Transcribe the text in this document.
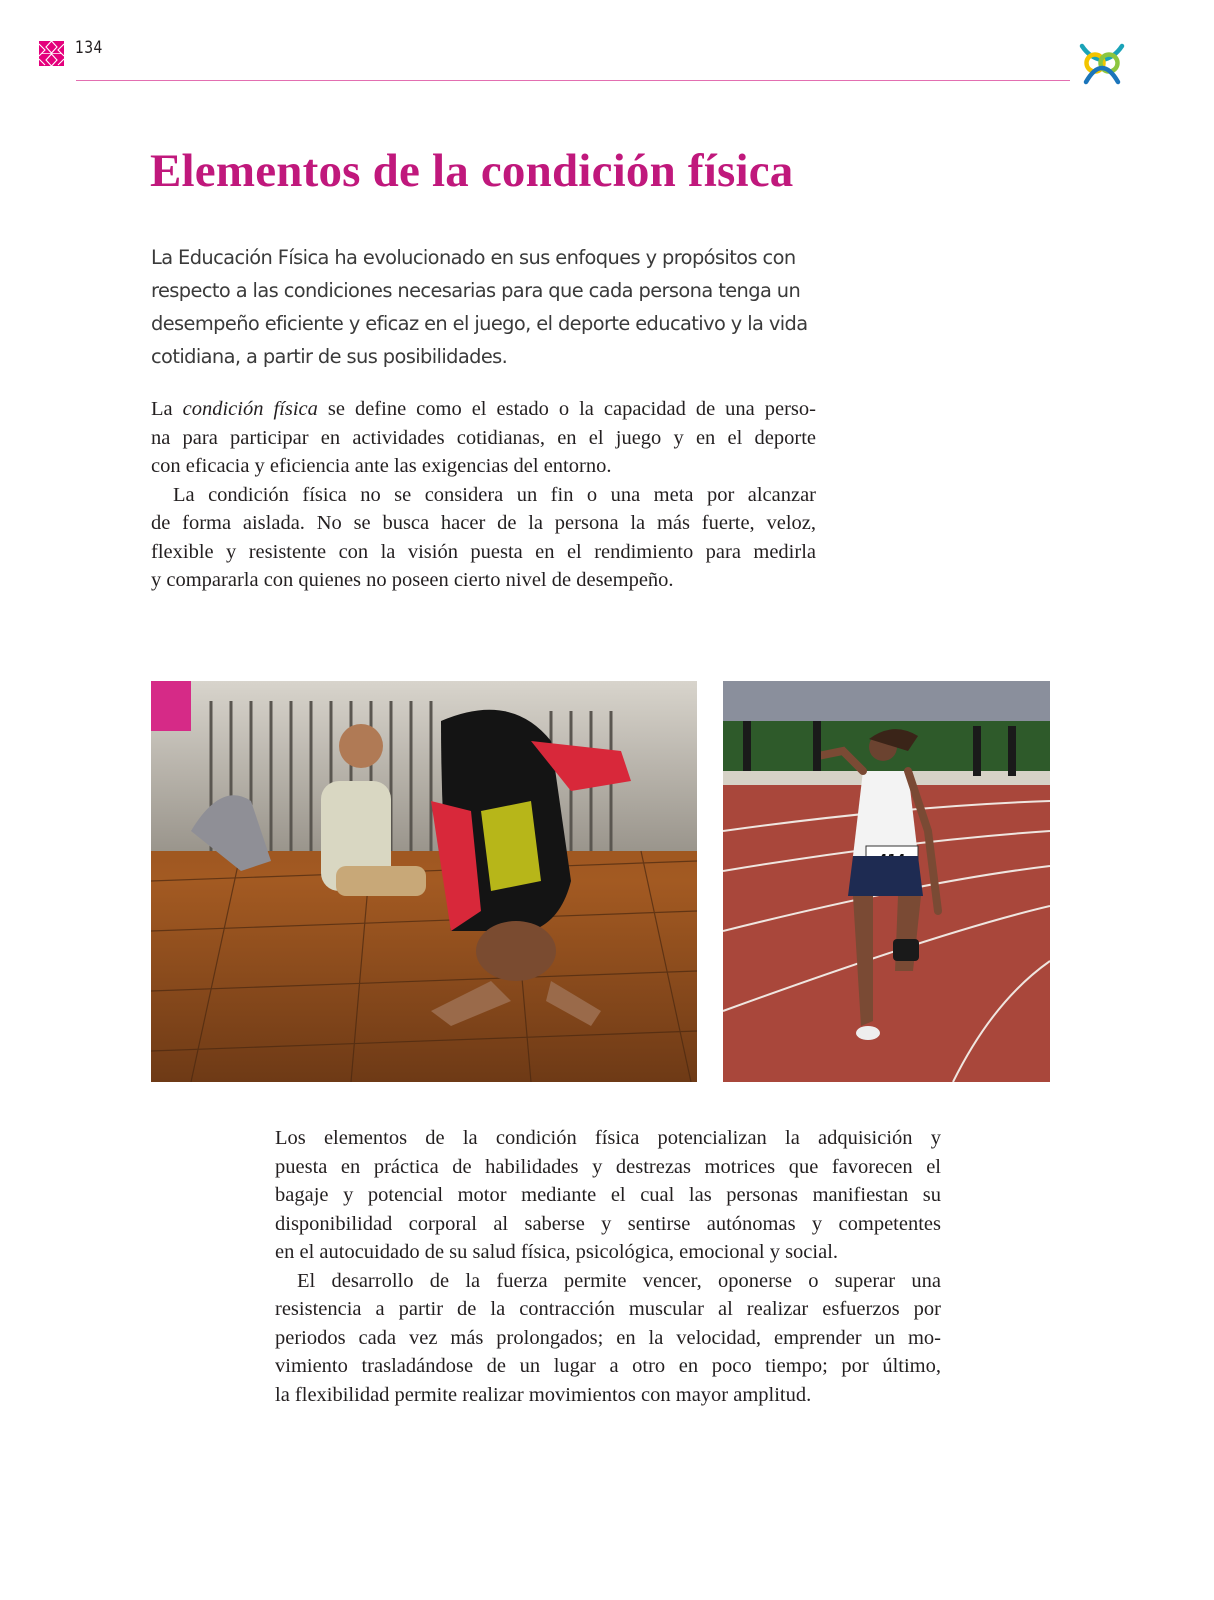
134
Elementos de la condición física
La Educación Física ha evolucionado en sus enfoques y propósitos con
respecto a las condiciones necesarias para que cada persona tenga un
desempeño eficiente y eficaz en el juego, el deporte educativo y la vida
cotidiana, a partir de sus posibilidades.
La condición física se define como el estado o la capacidad de una perso-
na para participar en actividades cotidianas, en el juego y en el deporte
con eficacia y eficiencia ante las exigencias del entorno.
La condición física no se considera un fin o una meta por alcanzar
de forma aislada. No se busca hacer de la persona la más fuerte, veloz,
flexible y resistente con la visión puesta en el rendimiento para medirla
y compararla con quienes no poseen cierto nivel de desempeño.
Los elementos de la condición física potencializan la adquisición y
puesta en práctica de habilidades y destrezas motrices que favorecen el
bagaje y potencial motor mediante el cual las personas manifiestan su
disponibilidad corporal al saberse y sentirse autónomas y competentes
en el autocuidado de su salud física, psicológica, emocional y social.
El desarrollo de la fuerza permite vencer, oponerse o superar una
resistencia a partir de la contracción muscular al realizar esfuerzos por
periodos cada vez más prolongados; en la velocidad, emprender un mo-
vimiento trasladándose de un lugar a otro en poco tiempo; por último,
la flexibilidad permite realizar movimientos con mayor amplitud.
